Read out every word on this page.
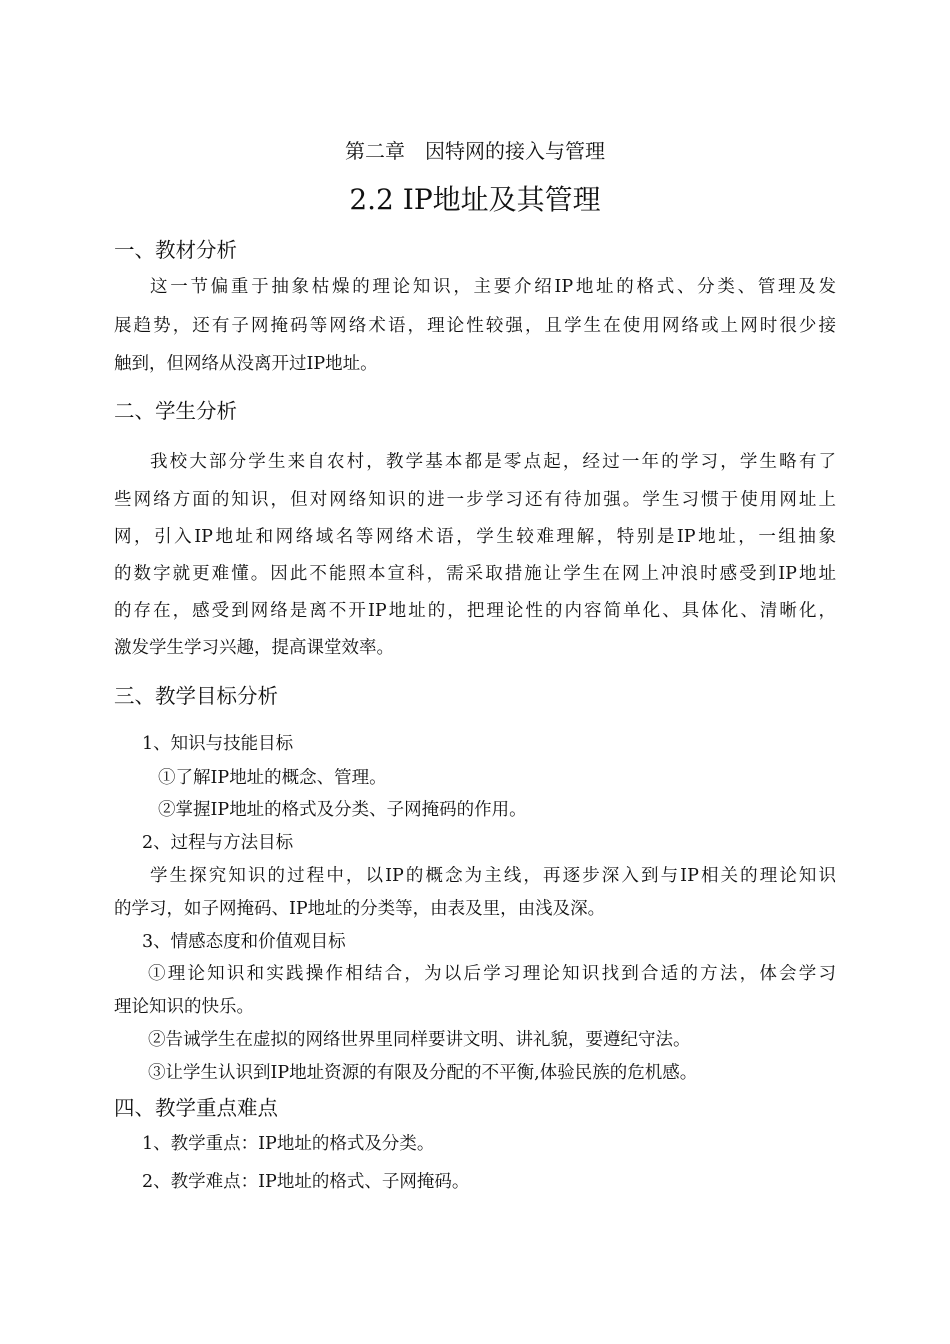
第二章　因特网的接入与管理
2.2 IP地址及其管理
一、教材分析
这一节偏重于抽象枯燥的理论知识，主要介绍IP地址的格式、分类、管理及发
展趋势，还有子网掩码等网络术语，理论性较强，且学生在使用网络或上网时很少接
触到，但网络从没离开过IP地址。
二、学生分析
我校大部分学生来自农村，教学基本都是零点起，经过一年的学习，学生略有了
些网络方面的知识，但对网络知识的进一步学习还有待加强。学生习惯于使用网址上
网，引入IP地址和网络域名等网络术语，学生较难理解，特别是IP地址，一组抽象
的数字就更难懂。因此不能照本宣科，需采取措施让学生在网上冲浪时感受到IP地址
的存在，感受到网络是离不开IP地址的，把理论性的内容简单化、具体化、清晰化，
激发学生学习兴趣，提高课堂效率。
三、教学目标分析
1、知识与技能目标
①了解IP地址的概念、管理。
②掌握IP地址的格式及分类、子网掩码的作用。
2、过程与方法目标
学生探究知识的过程中，以IP的概念为主线，再逐步深入到与IP相关的理论知识
的学习，如子网掩码、IP地址的分类等，由表及里，由浅及深。
3、情感态度和价值观目标
①理论知识和实践操作相结合，为以后学习理论知识找到合适的方法，体会学习
理论知识的快乐。
②告诫学生在虚拟的网络世界里同样要讲文明、讲礼貌，要遵纪守法。
③让学生认识到IP地址资源的有限及分配的不平衡,体验民族的危机感。
四、教学重点难点
1、教学重点：IP地址的格式及分类。
2、教学难点：IP地址的格式、子网掩码。
